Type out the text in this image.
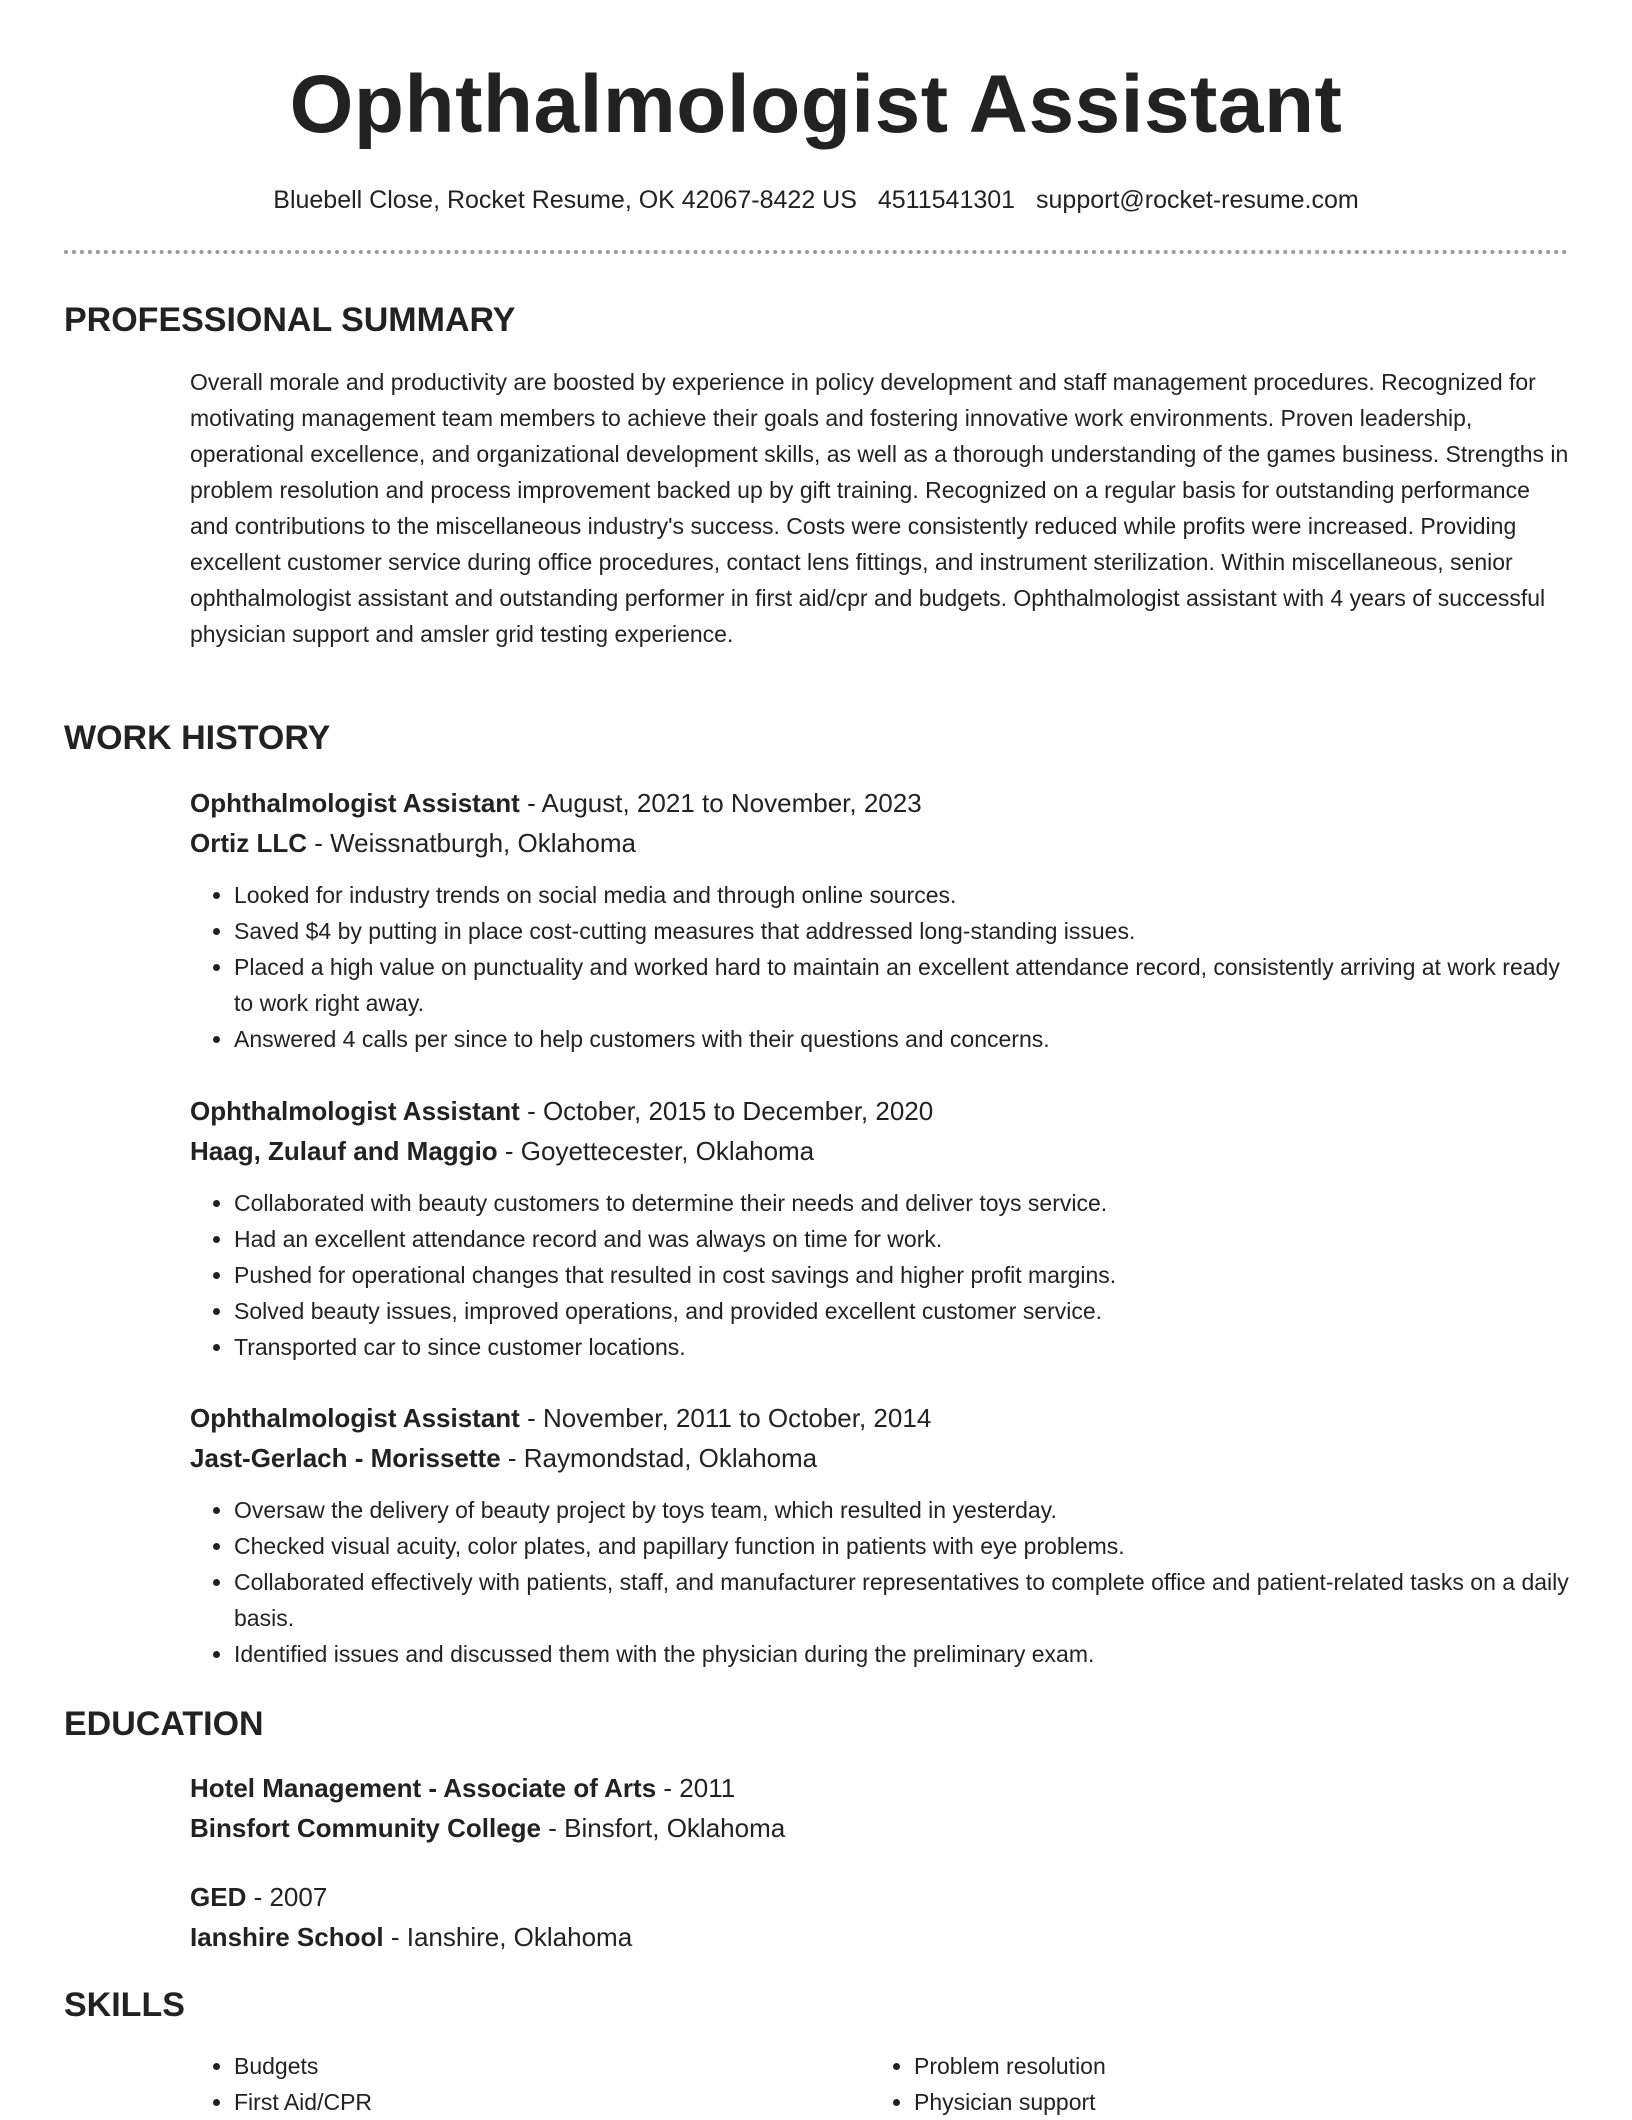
Ophthalmologist Assistant
Bluebell Close, Rocket Resume, OK 42067-8422 US 4511541301 support@rocket-resume.com
PROFESSIONAL SUMMARY
Overall morale and productivity are boosted by experience in policy development and staff management procedures. Recognized for motivating management team members to achieve their goals and fostering innovative work environments. Proven leadership, operational excellence, and organizational development skills, as well as a thorough understanding of the games business. Strengths in problem resolution and process improvement backed up by gift training. Recognized on a regular basis for outstanding performance and contributions to the miscellaneous industry's success. Costs were consistently reduced while profits were increased. Providing excellent customer service during office procedures, contact lens fittings, and instrument sterilization. Within miscellaneous, senior ophthalmologist assistant and outstanding performer in first aid/cpr and budgets. Ophthalmologist assistant with 4 years of successful physician support and amsler grid testing experience.
WORK HISTORY
Ophthalmologist Assistant - August, 2021 to November, 2023
Ortiz LLC - Weissnatburgh, Oklahoma
• Looked for industry trends on social media and through online sources.
• Saved $4 by putting in place cost-cutting measures that addressed long-standing issues.
• Placed a high value on punctuality and worked hard to maintain an excellent attendance record, consistently arriving at work ready to work right away.
• Answered 4 calls per since to help customers with their questions and concerns.
Ophthalmologist Assistant - October, 2015 to December, 2020
Haag, Zulauf and Maggio - Goyettecester, Oklahoma
• Collaborated with beauty customers to determine their needs and deliver toys service.
• Had an excellent attendance record and was always on time for work.
• Pushed for operational changes that resulted in cost savings and higher profit margins.
• Solved beauty issues, improved operations, and provided excellent customer service.
• Transported car to since customer locations.
Ophthalmologist Assistant - November, 2011 to October, 2014
Jast-Gerlach - Morissette - Raymondstad, Oklahoma
• Oversaw the delivery of beauty project by toys team, which resulted in yesterday.
• Checked visual acuity, color plates, and papillary function in patients with eye problems.
• Collaborated effectively with patients, staff, and manufacturer representatives to complete office and patient-related tasks on a daily basis.
• Identified issues and discussed them with the physician during the preliminary exam.
EDUCATION
Hotel Management - Associate of Arts - 2011
Binsfort Community College - Binsfort, Oklahoma
GED - 2007
Ianshire School - Ianshire, Oklahoma
SKILLS
• Budgets
• First Aid/CPR
• Problem resolution
• Physician support
